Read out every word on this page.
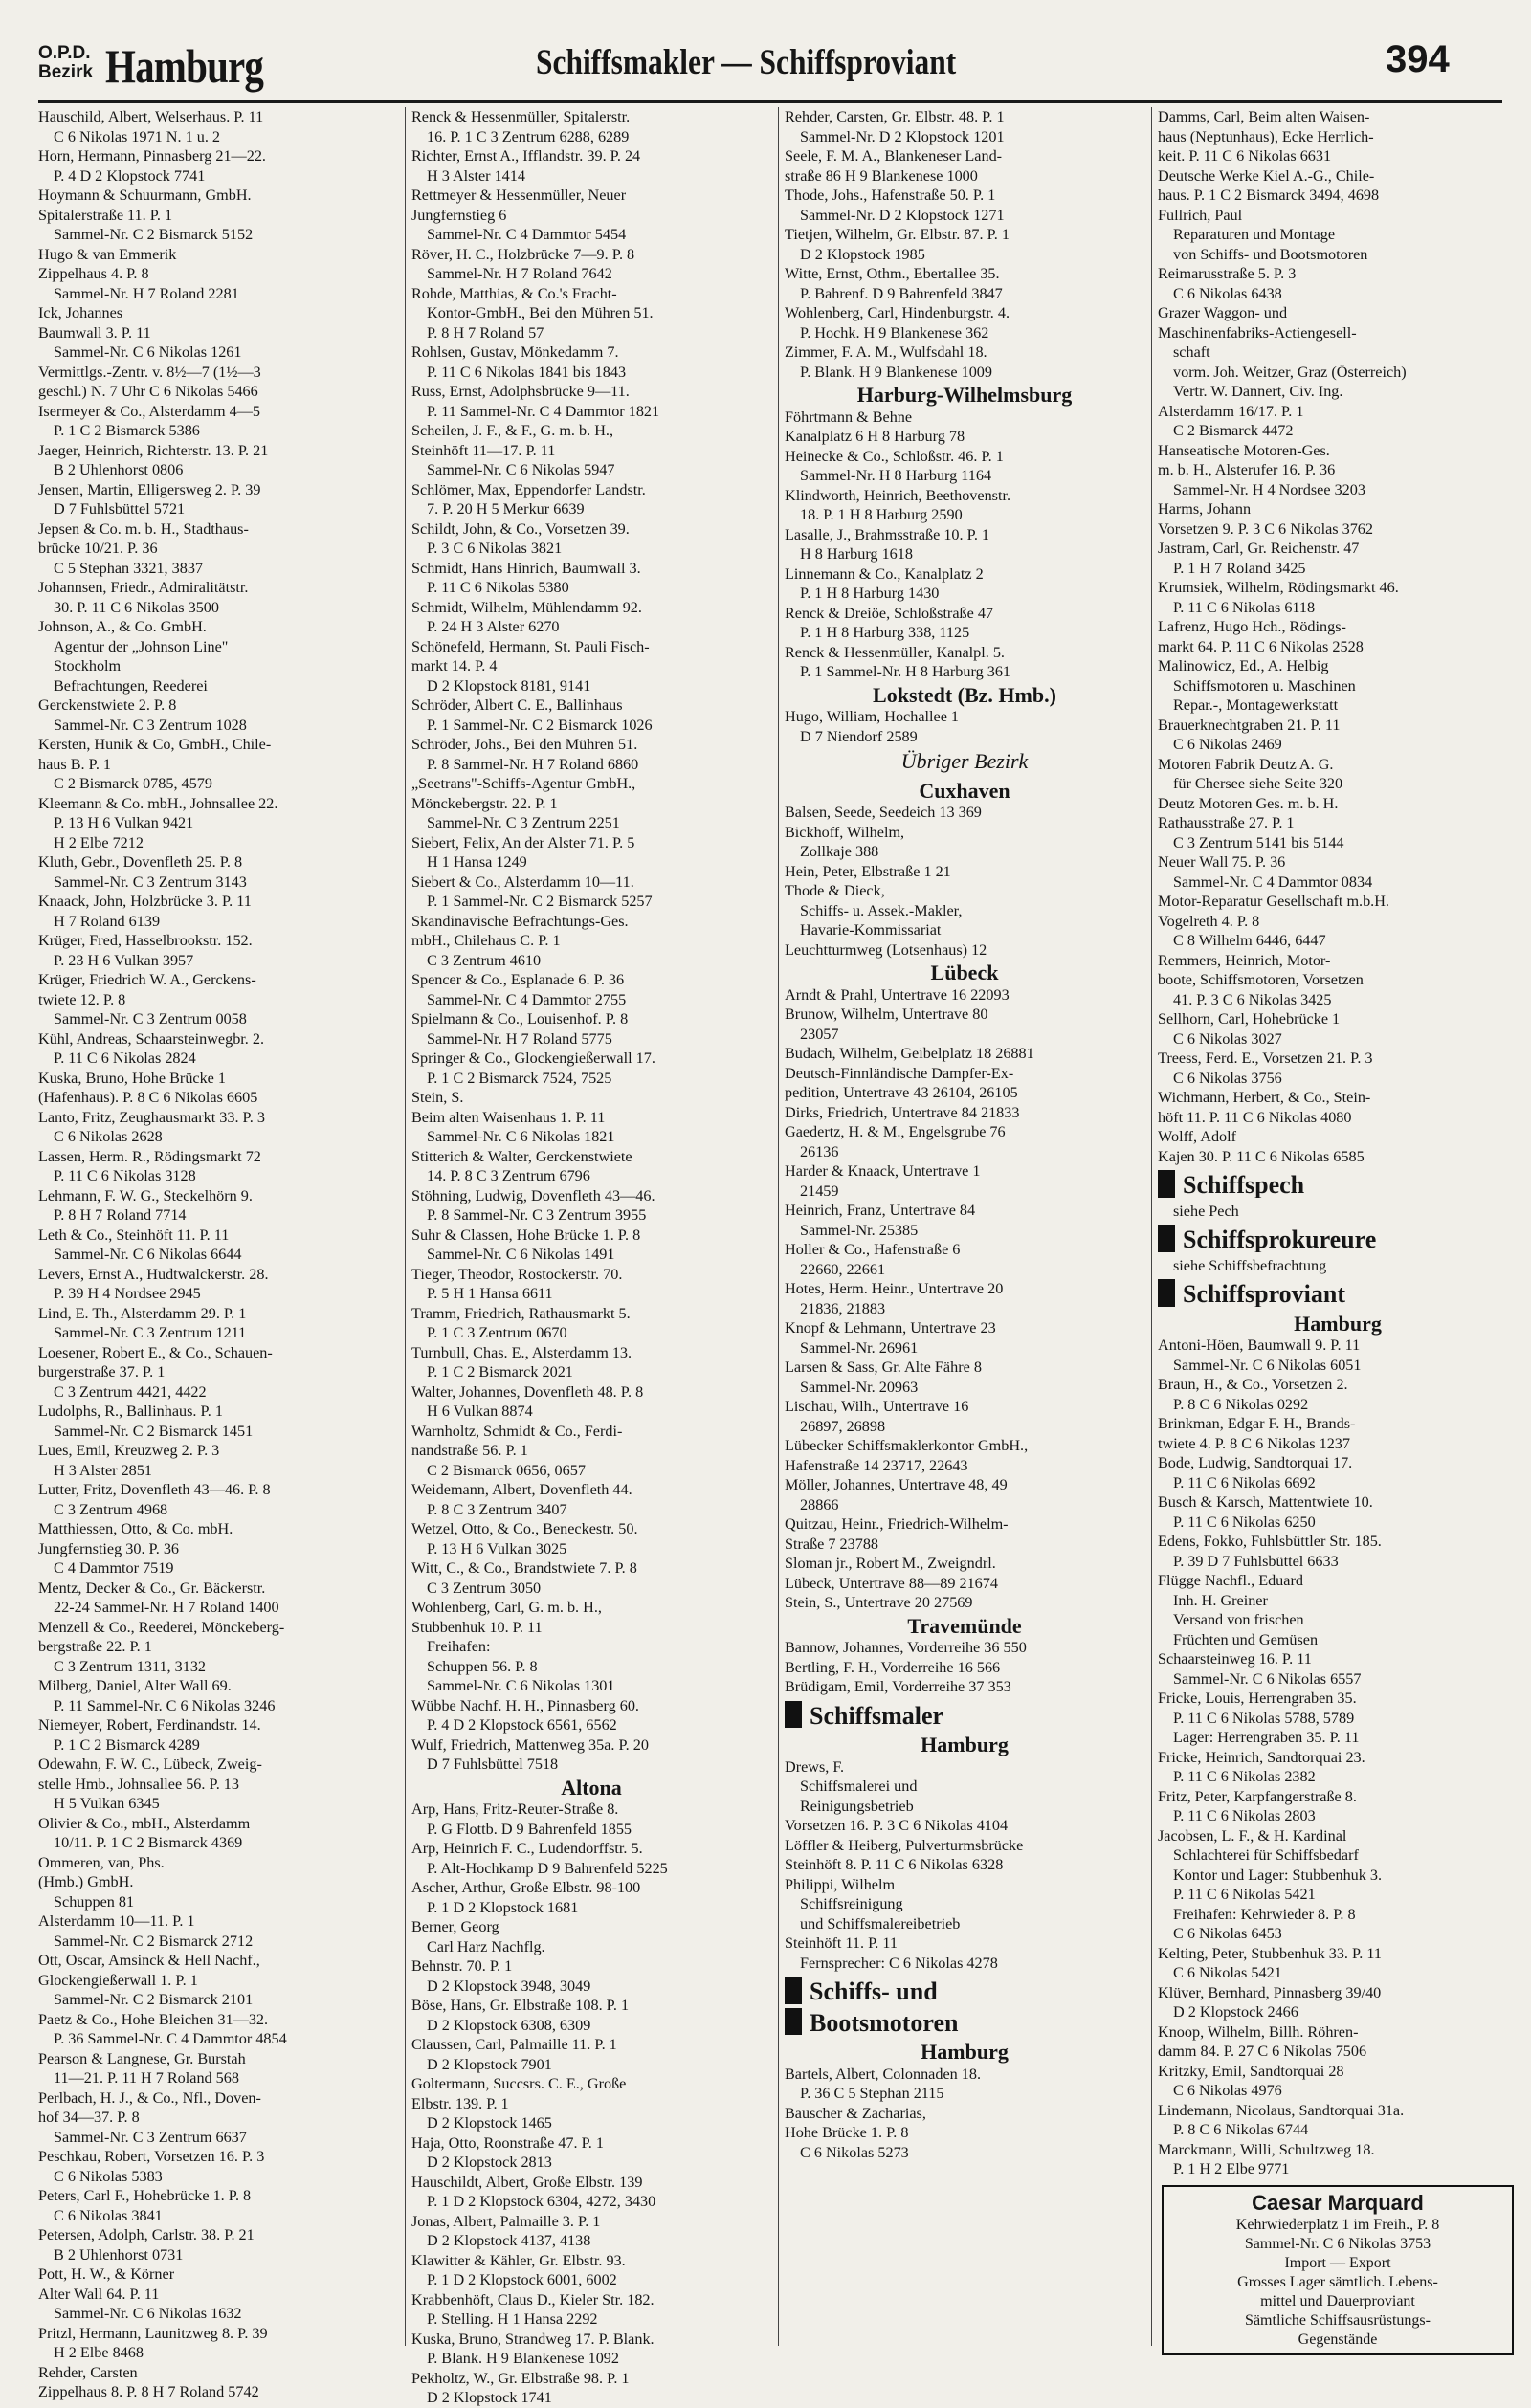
O.P.D.
Bezirk Hamburg	Schiffsmakler — Schiffsproviant	394
Hauschild, Albert, Welserhaus. P. 11
C 6 Nikolas 1971 N. 1 u. 2
Horn, Hermann, Pinnasberg 21—22.
P. 4 D 2 Klopstock 7741
Hoymann & Schuurmann, GmbH.
Spitalerstraße 11. P. 1
Sammel-Nr. C 2 Bismarck 5152
Hugo & van Emmerik
Zippelhaus 4. P. 8
Sammel-Nr. H 7 Roland 2281
Ick, Johannes
Baumwall 3. P. 11
Sammel-Nr. C 6 Nikolas 1261
Vermittlgs.-Zentr. v. 8½—7 (1½—3
geschl.) N. 7 Uhr C 6 Nikolas 5466
Isermeyer & Co., Alsterdamm 4—5
P. 1 C 2 Bismarck 5386
Jaeger, Heinrich, Richterstr. 13. P. 21
B 2 Uhlenhorst 0806
Jensen, Martin, Elligersweg 2. P. 39
D 7 Fuhlsbüttel 5721
Jepsen & Co. m. b. H., Stadthaus-
brücke 10/21. P. 36
C 5 Stephan 3321, 3837
Johannsen, Friedr., Admiralitätstr.
30. P. 11 C 6 Nikolas 3500
Johnson, A., & Co. GmbH.
Agentur der „Johnson Line"
Stockholm
Befrachtungen, Reederei
Gerckenstwiete 2. P. 8
Sammel-Nr. C 3 Zentrum 1028
Kersten, Hunik & Co, GmbH., Chile-
haus B. P. 1
C 2 Bismarck 0785, 4579
Kleemann & Co. mbH., Johnsallee 22.
P. 13 H 6 Vulkan 9421
H 2 Elbe 7212
Kluth, Gebr., Dovenfleth 25. P. 8
Sammel-Nr. C 3 Zentrum 3143
Knaack, John, Holzbrücke 3. P. 11
H 7 Roland 6139
Krüger, Fred, Hasselbrookstr. 152.
P. 23 H 6 Vulkan 3957
Krüger, Friedrich W. A., Gerckens-
twiete 12. P. 8
Sammel-Nr. C 3 Zentrum 0058
Kühl, Andreas, Schaarsteinwegbr. 2.
P. 11 C 6 Nikolas 2824
Kuska, Bruno, Hohe Brücke 1
(Hafenhaus). P. 8 C 6 Nikolas 6605
Lanto, Fritz, Zeughausmarkt 33. P. 3
C 6 Nikolas 2628
Lassen, Herm. R., Rödingsmarkt 72
P. 11 C 6 Nikolas 3128
Lehmann, F. W. G., Steckelhörn 9.
P. 8 H 7 Roland 7714
Leth & Co., Steinhöft 11. P. 11
Sammel-Nr. C 6 Nikolas 6644
Levers, Ernst A., Hudtwalckerstr. 28.
P. 39 H 4 Nordsee 2945
Lind, E. Th., Alsterdamm 29. P. 1
Sammel-Nr. C 3 Zentrum 1211
Loesener, Robert E., & Co., Schauen-
burgerstraße 37. P. 1
C 3 Zentrum 4421, 4422
Ludolphs, R., Ballinhaus. P. 1
Sammel-Nr. C 2 Bismarck 1451
Lues, Emil, Kreuzweg 2. P. 3
H 3 Alster 2851
Lutter, Fritz, Dovenfleth 43—46. P. 8
C 3 Zentrum 4968
Matthiessen, Otto, & Co. mbH.
Jungfernstieg 30. P. 36
C 4 Dammtor 7519
Mentz, Decker & Co., Gr. Bäckerstr.
22-24 Sammel-Nr. H 7 Roland 1400
Menzell & Co., Reederei, Mönckeberg-
bergstraße 22. P. 1
C 3 Zentrum 1311, 3132
Milberg, Daniel, Alter Wall 69.
P. 11 Sammel-Nr. C 6 Nikolas 3246
Niemeyer, Robert, Ferdinandstr. 14.
P. 1 C 2 Bismarck 4289
Odewahn, F. W. C., Lübeck, Zweig-
stelle Hmb., Johnsallee 56. P. 13
H 5 Vulkan 6345
Olivier & Co., mbH., Alsterdamm
10/11. P. 1 C 2 Bismarck 4369
Ommeren, van, Phs.
(Hmb.) GmbH.
Schuppen 81
Alsterdamm 10—11. P. 1
Sammel-Nr. C 2 Bismarck 2712
Ott, Oscar, Amsinck & Hell Nachf.,
Glockengießerwall 1. P. 1
Sammel-Nr. C 2 Bismarck 2101
Paetz & Co., Hohe Bleichen 31—32.
P. 36 Sammel-Nr. C 4 Dammtor 4854
Pearson & Langnese, Gr. Burstah
11—21. P. 11 H 7 Roland 568
Perlbach, H. J., & Co., Nfl., Doven-
hof 34—37. P. 8
Sammel-Nr. C 3 Zentrum 6637
Peschkau, Robert, Vorsetzen 16. P. 3
C 6 Nikolas 5383
Peters, Carl F., Hohebrücke 1. P. 8
C 6 Nikolas 3841
Petersen, Adolph, Carlstr. 38. P. 21
B 2 Uhlenhorst 0731
Pott, H. W., & Körner
Alter Wall 64. P. 11
Sammel-Nr. C 6 Nikolas 1632
Pritzl, Hermann, Launitzweg 8. P. 39
H 2 Elbe 8468
Rehder, Carsten
Zippelhaus 8. P. 8 H 7 Roland 5742
Renck & Hessenmüller, Spitalerstr.
16. P. 1 C 3 Zentrum 6288, 6289
Richter, Ernst A., Ifflandstr. 39. P. 24
H 3 Alster 1414
Rettmeyer & Hessenmüller, Neuer
Jungfernstieg 6
Sammel-Nr. C 4 Dammtor 5454
Röver, H. C., Holzbrücke 7—9. P. 8
Sammel-Nr. H 7 Roland 7642
Rohde, Matthias, & Co.'s Fracht-
Kontor-GmbH., Bei den Mühren 51.
P. 8 H 7 Roland 57
Rohlsen, Gustav, Mönkedamm 7.
P. 11 C 6 Nikolas 1841 bis 1843
Russ, Ernst, Adolphsbrücke 9—11.
P. 11 Sammel-Nr. C 4 Dammtor 1821
Scheilen, J. F., & F., G. m. b. H.,
Steinhöft 11—17. P. 11
Sammel-Nr. C 6 Nikolas 5947
Schlömer, Max, Eppendorfer Landstr.
7. P. 20 H 5 Merkur 6639
Schildt, John, & Co., Vorsetzen 39.
P. 3 C 6 Nikolas 3821
Schmidt, Hans Hinrich, Baumwall 3.
P. 11 C 6 Nikolas 5380
Schmidt, Wilhelm, Mühlendamm 92.
P. 24 H 3 Alster 6270
Schönefeld, Hermann, St. Pauli Fisch-
markt 14. P. 4
D 2 Klopstock 8181, 9141
Schröder, Albert C. E., Ballinhaus
P. 1 Sammel-Nr. C 2 Bismarck 1026
Schröder, Johs., Bei den Mühren 51.
P. 8 Sammel-Nr. H 7 Roland 6860
„Seetrans"-Schiffs-Agentur GmbH.,
Mönckebergstr. 22. P. 1
Sammel-Nr. C 3 Zentrum 2251
Siebert, Felix, An der Alster 71. P. 5
H 1 Hansa 1249
Siebert & Co., Alsterdamm 10—11.
P. 1 Sammel-Nr. C 2 Bismarck 5257
Skandinavische Befrachtungs-Ges.
mbH., Chilehaus C. P. 1
C 3 Zentrum 4610
Spencer & Co., Esplanade 6. P. 36
Sammel-Nr. C 4 Dammtor 2755
Spielmann & Co., Louisenhof. P. 8
Sammel-Nr. H 7 Roland 5775
Springer & Co., Glockengießerwall 17.
P. 1 C 2 Bismarck 7524, 7525
Stein, S.
Beim alten Waisenhaus 1. P. 11
Sammel-Nr. C 6 Nikolas 1821
Stitterich & Walter, Gerckenstwiete
14. P. 8 C 3 Zentrum 6796
Stöhning, Ludwig, Dovenfleth 43—46.
P. 8 Sammel-Nr. C 3 Zentrum 3955
Suhr & Classen, Hohe Brücke 1. P. 8
Sammel-Nr. C 6 Nikolas 1491
Tieger, Theodor, Rostockerstr. 70.
P. 5 H 1 Hansa 6611
Tramm, Friedrich, Rathausmarkt 5.
P. 1 C 3 Zentrum 0670
Turnbull, Chas. E., Alsterdamm 13.
P. 1 C 2 Bismarck 2021
Walter, Johannes, Dovenfleth 48. P. 8
H 6 Vulkan 8874
Warnholtz, Schmidt & Co., Ferdi-
nandstraße 56. P. 1
C 2 Bismarck 0656, 0657
Weidemann, Albert, Dovenfleth 44.
P. 8 C 3 Zentrum 3407
Wetzel, Otto, & Co., Beneckestr. 50.
P. 13 H 6 Vulkan 3025
Witt, C., & Co., Brandstwiete 7. P. 8
C 3 Zentrum 3050
Wohlenberg, Carl, G. m. b. H.,
Stubbenhuk 10. P. 11
Freihafen:
Schuppen 56. P. 8
Sammel-Nr. C 6 Nikolas 1301
Wübbe Nachf. H. H., Pinnasberg 60.
P. 4 D 2 Klopstock 6561, 6562
Wulf, Friedrich, Mattenweg 35a. P. 20
D 7 Fuhlsbüttel 7518
Altona
Arp, Hans, Fritz-Reuter-Straße 8.
P. G Flottb. D 9 Bahrenfeld 1855
Arp, Heinrich F. C., Ludendorffstr. 5.
P. Alt-Hochkamp D 9 Bahrenfeld 5225
Ascher, Arthur, Große Elbstr. 98-100
P. 1 D 2 Klopstock 1681
Berner, Georg
Carl Harz Nachflg.
Behnstr. 70. P. 1
D 2 Klopstock 3948, 3049
Böse, Hans, Gr. Elbstraße 108. P. 1
D 2 Klopstock 6308, 6309
Claussen, Carl, Palmaille 11. P. 1
D 2 Klopstock 7901
Goltermann, Succsrs. C. E., Große
Elbstr. 139. P. 1
D 2 Klopstock 1465
Haja, Otto, Roonstraße 47. P. 1
D 2 Klopstock 2813
Hauschildt, Albert, Große Elbstr. 139
P. 1 D 2 Klopstock 6304, 4272, 3430
Jonas, Albert, Palmaille 3. P. 1
D 2 Klopstock 4137, 4138
Klawitter & Kähler, Gr. Elbstr. 93.
P. 1 D 2 Klopstock 6001, 6002
Krabbenhöft, Claus D., Kieler Str. 182.
P. Stelling. H 1 Hansa 2292
Kuska, Bruno, Strandweg 17. P. Blank.
P. Blank. H 9 Blankenese 1092
Pekholtz, W., Gr. Elbstraße 98. P. 1
D 2 Klopstock 1741
Rehder, Carsten, Gr. Elbstr. 48. P. 1
Sammel-Nr. D 2 Klopstock 1201
Seele, F. M. A., Blankeneser Land-
straße 86 H 9 Blankenese 1000
Thode, Johs., Hafenstraße 50. P. 1
Sammel-Nr. D 2 Klopstock 1271
Tietjen, Wilhelm, Gr. Elbstr. 87. P. 1
D 2 Klopstock 1985
Witte, Ernst, Othm., Ebertallee 35.
P. Bahrenf. D 9 Bahrenfeld 3847
Wohlenberg, Carl, Hindenburgstr. 4.
P. Hochk. H 9 Blankenese 362
Zimmer, F. A. M., Wulfsdahl 18.
P. Blank. H 9 Blankenese 1009
Harburg-Wilhelmsburg
Föhrtmann & Behne
Kanalplatz 6 H 8 Harburg 78
Heinecke & Co., Schloßstr. 46. P. 1
Sammel-Nr. H 8 Harburg 1164
Klindworth, Heinrich, Beethovenstr.
18. P. 1 H 8 Harburg 2590
Lasalle, J., Brahmsstraße 10. P. 1
H 8 Harburg 1618
Linnemann & Co., Kanalplatz 2
P. 1 H 8 Harburg 1430
Renck & Dreiöe, Schloßstraße 47
P. 1 H 8 Harburg 338, 1125
Renck & Hessenmüller, Kanalpl. 5.
P. 1 Sammel-Nr. H 8 Harburg 361
Lokstedt (Bz. Hmb.)
Hugo, William, Hochallee 1
D 7 Niendorf 2589
Übriger Bezirk
Cuxhaven
Balsen, Seede, Seedeich 13 369
Bickhoff, Wilhelm,
Zollkaje 388
Hein, Peter, Elbstraße 1 21
Thode & Dieck,
Schiffs- u. Assek.-Makler,
Havarie-Kommissariat
Leuchtturmweg (Lotsenhaus) 12
Lübeck
Arndt & Prahl, Untertrave 16 22093
Brunow, Wilhelm, Untertrave 80
23057
Budach, Wilhelm, Geibelplatz 18 26881
Deutsch-Finnländische Dampfer-Ex-
pedition, Untertrave 43 26104, 26105
Dirks, Friedrich, Untertrave 84 21833
Gaedertz, H. & M., Engelsgrube 76
26136
Harder & Knaack, Untertrave 1
21459
Heinrich, Franz, Untertrave 84
Sammel-Nr. 25385
Holler & Co., Hafenstraße 6
22660, 22661
Hotes, Herm. Heinr., Untertrave 20
21836, 21883
Knopf & Lehmann, Untertrave 23
Sammel-Nr. 26961
Larsen & Sass, Gr. Alte Fähre 8
Sammel-Nr. 20963
Lischau, Wilh., Untertrave 16
26897, 26898
Lübecker Schiffsmaklerkontor GmbH.,
Hafenstraße 14 23717, 22643
Möller, Johannes, Untertrave 48, 49
28866
Quitzau, Heinr., Friedrich-Wilhelm-
Straße 7 23788
Sloman jr., Robert M., Zweigndrl.
Lübeck, Untertrave 88—89 21674
Stein, S., Untertrave 20 27569
Travemünde
Bannow, Johannes, Vorderreihe 36 550
Bertling, F. H., Vorderreihe 16 566
Brüdigam, Emil, Vorderreihe 37 353
Schiffsmaler
Hamburg
Drews, F.
Schiffsmalerei und
Reinigungsbetrieb
Vorsetzen 16. P. 3 C 6 Nikolas 4104
Löffler & Heiberg, Pulverturmsbrücke
Steinhöft 8. P. 11 C 6 Nikolas 6328
Philippi, Wilhelm
Schiffsreinigung
und Schiffsmalereibetrieb
Steinhöft 11. P. 11
Fernsprecher: C 6 Nikolas 4278
Schiffs- und
Bootsmotoren
Hamburg
Bartels, Albert, Colonnaden 18.
P. 36 C 5 Stephan 2115
Bauscher & Zacharias,
Hohe Brücke 1. P. 8
C 6 Nikolas 5273
Damms, Carl, Beim alten Waisen-
haus (Neptunhaus), Ecke Herrlich-
keit. P. 11 C 6 Nikolas 6631
Deutsche Werke Kiel A.-G., Chile-
haus. P. 1 C 2 Bismarck 3494, 4698
Fullrich, Paul
Reparaturen und Montage
von Schiffs- und Bootsmotoren
Reimarusstraße 5. P. 3
C 6 Nikolas 6438
Grazer Waggon- und
Maschinenfabriks-Actiengesell-
schaft
vorm. Joh. Weitzer, Graz (Österreich)
Vertr. W. Dannert, Civ. Ing.
Alsterdamm 16/17. P. 1
C 2 Bismarck 4472
Hanseatische Motoren-Ges.
m. b. H., Alsterufer 16. P. 36
Sammel-Nr. H 4 Nordsee 3203
Harms, Johann
Vorsetzen 9. P. 3 C 6 Nikolas 3762
Jastram, Carl, Gr. Reichenstr. 47
P. 1 H 7 Roland 3425
Krumsiek, Wilhelm, Rödingsmarkt 46.
P. 11 C 6 Nikolas 6118
Lafrenz, Hugo Hch., Rödings-
markt 64. P. 11 C 6 Nikolas 2528
Malinowicz, Ed., A. Helbig
Schiffsmotoren u. Maschinen
Repar.-, Montagewerkstatt
Brauerknechtgraben 21. P. 11
C 6 Nikolas 2469
Motoren Fabrik Deutz A. G.
für Chersee siehe Seite 320
Deutz Motoren Ges. m. b. H.
Rathausstraße 27. P. 1
C 3 Zentrum 5141 bis 5144
Neuer Wall 75. P. 36
Sammel-Nr. C 4 Dammtor 0834
Motor-Reparatur Gesellschaft m.b.H.
Vogelreth 4. P. 8
C 8 Wilhelm 6446, 6447
Remmers, Heinrich, Motor-
boote, Schiffsmotoren, Vorsetzen
41. P. 3 C 6 Nikolas 3425
Sellhorn, Carl, Hohebrücke 1
C 6 Nikolas 3027
Treess, Ferd. E., Vorsetzen 21. P. 3
C 6 Nikolas 3756
Wichmann, Herbert, & Co., Stein-
höft 11. P. 11 C 6 Nikolas 4080
Wolff, Adolf
Kajen 30. P. 11 C 6 Nikolas 6585
Schiffspech
siehe Pech
Schiffsprokureure
siehe Schiffsbefrachtung
Schiffsproviant
Hamburg
Antoni-Höen, Baumwall 9. P. 11
Sammel-Nr. C 6 Nikolas 6051
Braun, H., & Co., Vorsetzen 2.
P. 8 C 6 Nikolas 0292
Brinkman, Edgar F. H., Brands-
twiete 4. P. 8 C 6 Nikolas 1237
Bode, Ludwig, Sandtorquai 17.
P. 11 C 6 Nikolas 6692
Busch & Karsch, Mattentwiete 10.
P. 11 C 6 Nikolas 6250
Edens, Fokko, Fuhlsbüttler Str. 185.
P. 39 D 7 Fuhlsbüttel 6633
Flügge Nachfl., Eduard
Inh. H. Greiner
Versand von frischen
Früchten und Gemüsen
Schaarsteinweg 16. P. 11
Sammel-Nr. C 6 Nikolas 6557
Fricke, Louis, Herrengraben 35.
P. 11 C 6 Nikolas 5788, 5789
Lager: Herrengraben 35. P. 11
Fricke, Heinrich, Sandtorquai 23.
P. 11 C 6 Nikolas 2382
Fritz, Peter, Karpfangerstraße 8.
P. 11 C 6 Nikolas 2803
Jacobsen, L. F., & H. Kardinal
Schlachterei für Schiffsbedarf
Kontor und Lager: Stubbenhuk 3.
P. 11 C 6 Nikolas 5421
Freihafen: Kehrwieder 8. P. 8
C 6 Nikolas 6453
Kelting, Peter, Stubbenhuk 33. P. 11
C 6 Nikolas 5421
Klüver, Bernhard, Pinnasberg 39/40
D 2 Klopstock 2466
Knoop, Wilhelm, Billh. Röhren-
damm 84. P. 27 C 6 Nikolas 7506
Kritzky, Emil, Sandtorquai 28
C 6 Nikolas 4976
Lindemann, Nicolaus, Sandtorquai 31a.
P. 8 C 6 Nikolas 6744
Marckmann, Willi, Schultzweg 18.
P. 1 H 2 Elbe 9771
Caesar Marquard
Kehrwiederplatz 1 im Freih., P. 8
Sammel-Nr. C 6 Nikolas 3753
Import — Export
Grosses Lager sämtlich. Lebens-
mittel und Dauerproviant
Sämtliche Schiffsausrüstungs-
Gegenstände
